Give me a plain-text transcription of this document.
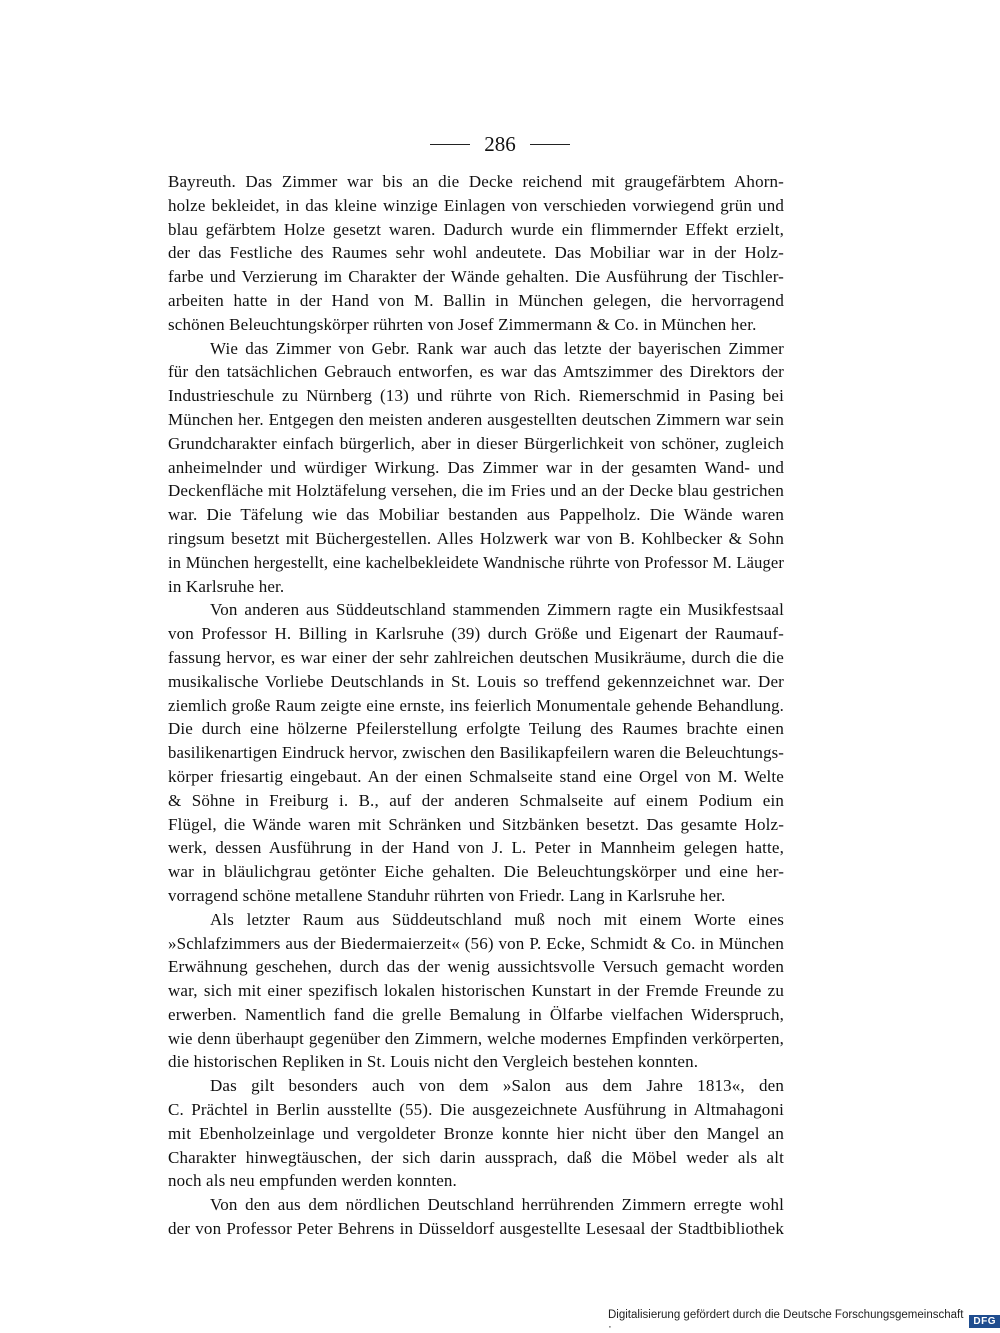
286
Bayreuth. Das Zimmer war bis an die Decke reichend mit graugefärbtem Ahorn-
holze bekleidet, in das kleine winzige Einlagen von verschieden vorwiegend grün und
blau gefärbtem Holze gesetzt waren. Dadurch wurde ein flimmernder Effekt erzielt,
der das Festliche des Raumes sehr wohl andeutete. Das Mobiliar war in der Holz-
farbe und Verzierung im Charakter der Wände gehalten. Die Ausführung der Tischler-
arbeiten hatte in der Hand von M. Ballin in München gelegen, die hervorragend
schönen Beleuchtungskörper rührten von Josef Zimmermann & Co. in München her.
Wie das Zimmer von Gebr. Rank war auch das letzte der bayerischen Zimmer
für den tatsächlichen Gebrauch entworfen, es war das Amtszimmer des Direktors der
Industrieschule zu Nürnberg (13) und rührte von Rich. Riemerschmid in Pasing bei
München her. Entgegen den meisten anderen ausgestellten deutschen Zimmern war sein
Grundcharakter einfach bürgerlich, aber in dieser Bürgerlichkeit von schöner, zugleich
anheimelnder und würdiger Wirkung. Das Zimmer war in der gesamten Wand- und
Deckenfläche mit Holztäfelung versehen, die im Fries und an der Decke blau gestrichen
war. Die Täfelung wie das Mobiliar bestanden aus Pappelholz. Die Wände waren
ringsum besetzt mit Büchergestellen. Alles Holzwerk war von B. Kohlbecker & Sohn
in München hergestellt, eine kachelbekleidete Wandnische rührte von Professor M. Läuger
in Karlsruhe her.
Von anderen aus Süddeutschland stammenden Zimmern ragte ein Musikfestsaal
von Professor H. Billing in Karlsruhe (39) durch Größe und Eigenart der Raumauf-
fassung hervor, es war einer der sehr zahlreichen deutschen Musikräume, durch die die
musikalische Vorliebe Deutschlands in St. Louis so treffend gekennzeichnet war. Der
ziemlich große Raum zeigte eine ernste, ins feierlich Monumentale gehende Behandlung.
Die durch eine hölzerne Pfeilerstellung erfolgte Teilung des Raumes brachte einen
basilikenartigen Eindruck hervor, zwischen den Basilikapfeilern waren die Beleuchtungs-
körper friesartig eingebaut. An der einen Schmalseite stand eine Orgel von M. Welte
& Söhne in Freiburg i. B., auf der anderen Schmalseite auf einem Podium ein
Flügel, die Wände waren mit Schränken und Sitzbänken besetzt. Das gesamte Holz-
werk, dessen Ausführung in der Hand von J. L. Peter in Mannheim gelegen hatte,
war in bläulichgrau getönter Eiche gehalten. Die Beleuchtungskörper und eine her-
vorragend schöne metallene Standuhr rührten von Friedr. Lang in Karlsruhe her.
Als letzter Raum aus Süddeutschland muß noch mit einem Worte eines
»Schlafzimmers aus der Biedermaierzeit« (56) von P. Ecke, Schmidt & Co. in München
Erwähnung geschehen, durch das der wenig aussichtsvolle Versuch gemacht worden
war, sich mit einer spezifisch lokalen historischen Kunstart in der Fremde Freunde zu
erwerben. Namentlich fand die grelle Bemalung in Ölfarbe vielfachen Widerspruch,
wie denn überhaupt gegenüber den Zimmern, welche modernes Empfinden verkörperten,
die historischen Repliken in St. Louis nicht den Vergleich bestehen konnten.
Das gilt besonders auch von dem »Salon aus dem Jahre 1813«, den
C. Prächtel in Berlin ausstellte (55). Die ausgezeichnete Ausführung in Altmahagoni
mit Ebenholzeinlage und vergoldeter Bronze konnte hier nicht über den Mangel an
Charakter hinwegtäuschen, der sich darin aussprach, daß die Möbel weder als alt
noch als neu empfunden werden konnten.
Von den aus dem nördlichen Deutschland herrührenden Zimmern erregte wohl
der von Professor Peter Behrens in Düsseldorf ausgestellte Lesesaal der Stadtbibliothek
Digitalisierung gefördert durch die Deutsche Forschungsgemeinschaft ·	DFG
